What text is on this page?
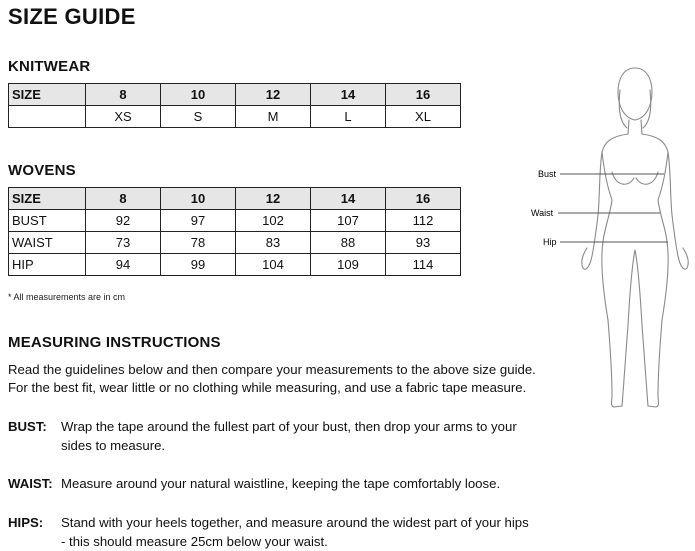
SIZE GUIDE
KNITWEAR
SIZE	8	10	12	14	16
	XS	S	M	L	XL
WOVENS
SIZE	8	10	12	14	16
BUST	92	97	102	107	112
WAIST	73	78	83	88	93
HIP	94	99	104	109	114
* All measurements are in cm
MEASURING INSTRUCTIONS
Read the guidelines below and then compare your measurements to the above size guide.
For the best fit, wear little or no clothing while measuring, and use a fabric tape measure.
BUST: Wrap the tape around the fullest part of your bust, then drop your arms to your
sides to measure.
WAIST: Measure around your natural waistline, keeping the tape comfortably loose.
HIPS: Stand with your heels together, and measure around the widest part of your hips
- this should measure 25cm below your waist.
Bust
Waist
Hip
